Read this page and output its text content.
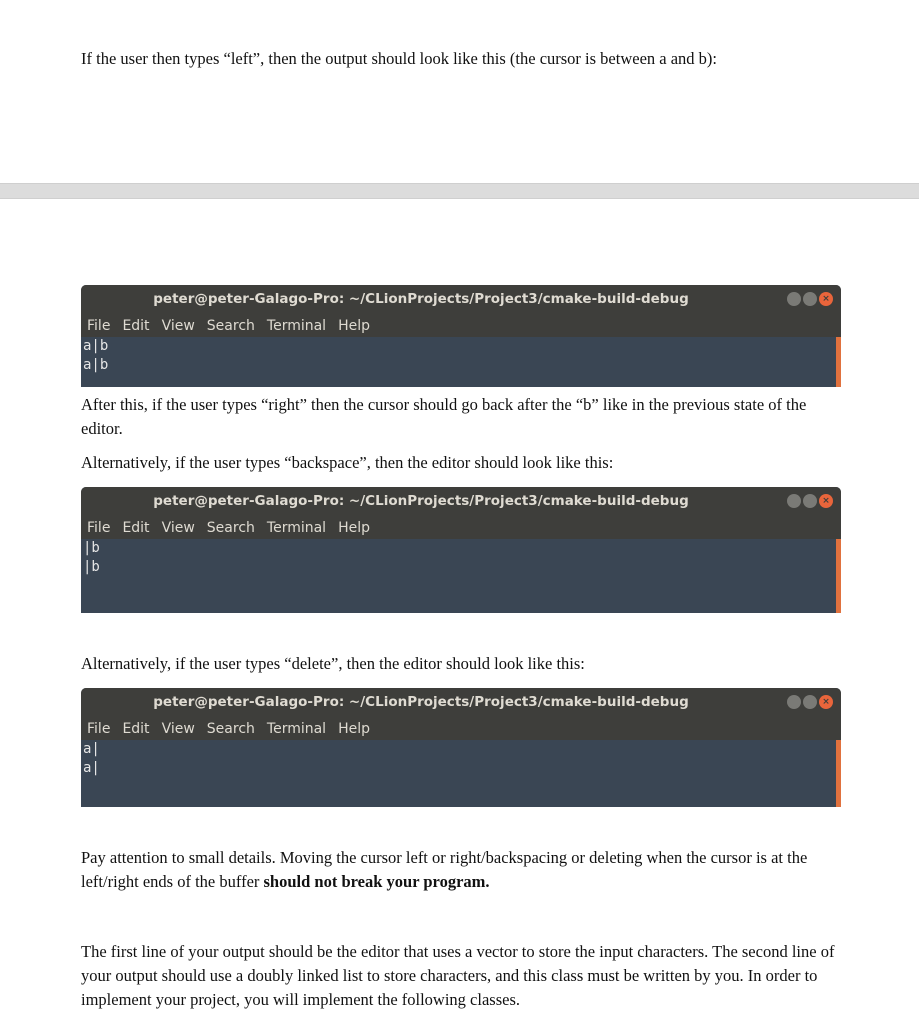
If the user then types “left”, then the output should look like this (the cursor is between a and b):

peter@peter-Galago-Pro: ~/CLionProjects/Project3/cmake-build-debug	×
File Edit View Search Terminal Help
a|b
a|b

After this, if the user types “right” then the cursor should go back after the “b” like in the previous state of the editor.

Alternatively, if the user types “backspace”, then the editor should look like this:

peter@peter-Galago-Pro: ~/CLionProjects/Project3/cmake-build-debug	×
File Edit View Search Terminal Help
|b
|b

Alternatively, if the user types “delete”, then the editor should look like this:

peter@peter-Galago-Pro: ~/CLionProjects/Project3/cmake-build-debug	×
File Edit View Search Terminal Help
a|
a|

Pay attention to small details. Moving the cursor left or right/backspacing or deleting when the cursor is at the left/right ends of the buffer should not break your program.

The first line of your output should be the editor that uses a vector to store the input characters. The second line of your output should use a doubly linked list to store characters, and this class must be written by you. In order to implement your project, you will implement the following classes.
